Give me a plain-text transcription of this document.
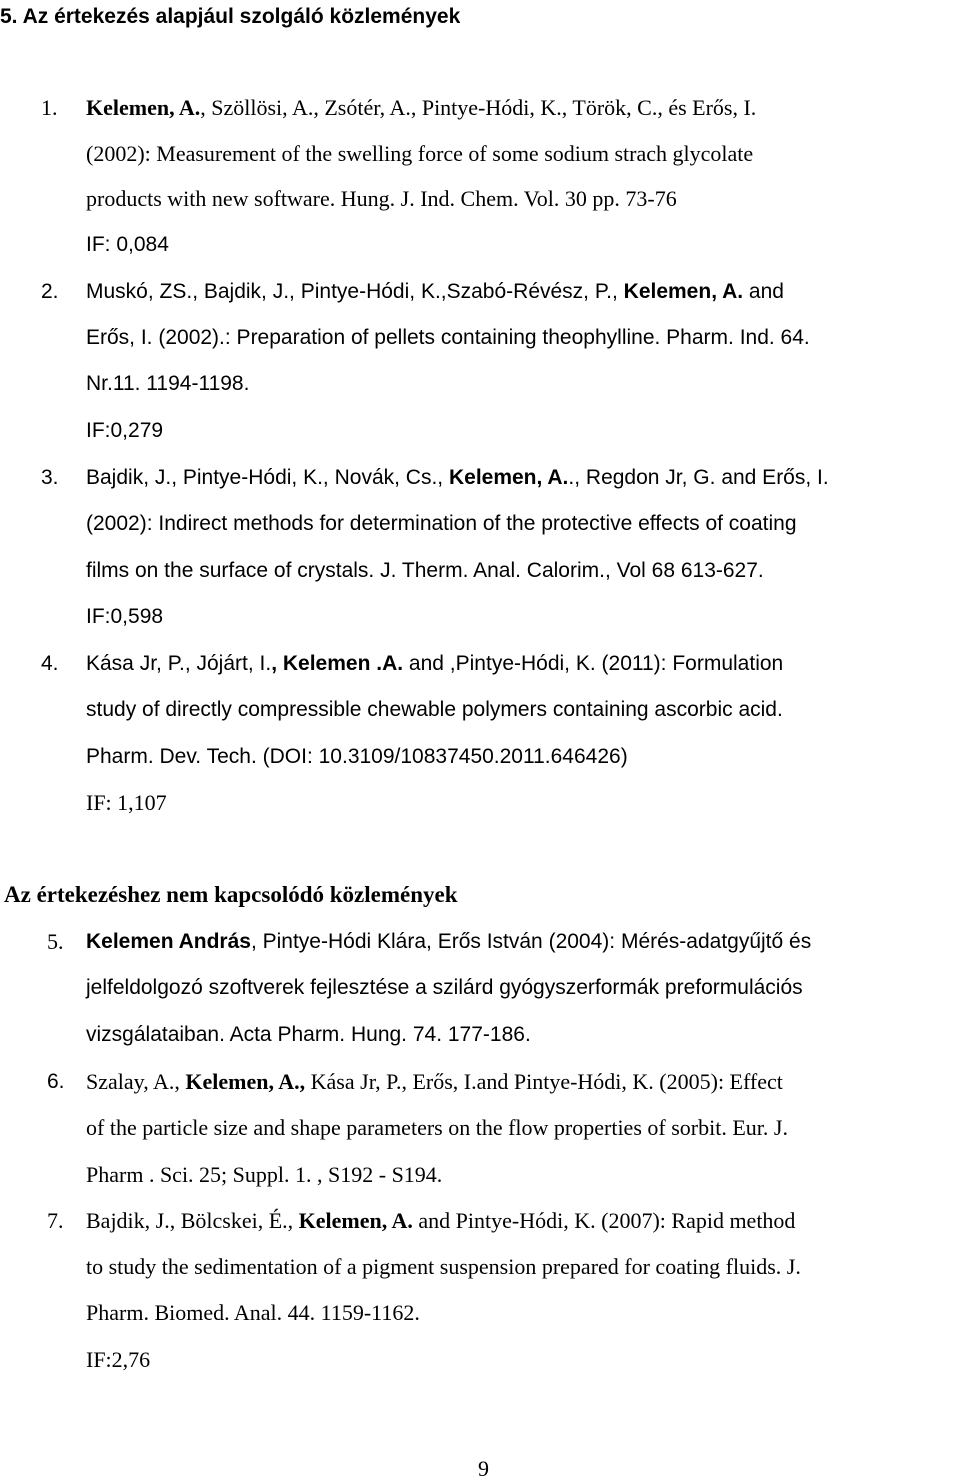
5. Az értekezés alapjául szolgáló közlemények
1. Kelemen, A., Szöllösi, A., Zsótér, A., Pintye-Hódi, K., Török, C., és Erős, I.
(2002): Measurement of the swelling force of some sodium strach glycolate
products with new software. Hung. J. Ind. Chem. Vol. 30 pp. 73-76
IF: 0,084
2. Muskó, ZS., Bajdik, J., Pintye-Hódi, K.,Szabó-Révész, P., Kelemen, A. and
Erős, I. (2002).: Preparation of pellets containing theophylline. Pharm. Ind. 64.
Nr.11. 1194-1198.
IF:0,279
3. Bajdik, J., Pintye-Hódi, K., Novák, Cs., Kelemen, A.., Regdon Jr, G. and Erős, I.
(2002): Indirect methods for determination of the protective effects of coating
films on the surface of crystals. J. Therm. Anal. Calorim., Vol 68 613-627.
IF:0,598
4. Kása Jr, P., Jójárt, I., Kelemen .A. and ,Pintye-Hódi, K. (2011): Formulation
study of directly compressible chewable polymers containing ascorbic acid.
Pharm. Dev. Tech. (DOI: 10.3109/10837450.2011.646426)
IF: 1,107
Az értekezéshez nem kapcsolódó közlemények
5. Kelemen András, Pintye-Hódi Klára, Erős István (2004): Mérés-adatgyűjtő és
jelfeldolgozó szoftverek fejlesztése a szilárd gyógyszerformák preformulációs
vizsgálataiban. Acta Pharm. Hung. 74. 177-186.
6. Szalay, A., Kelemen, A., Kása Jr, P., Erős, I.and Pintye-Hódi, K. (2005): Effect
of the particle size and shape parameters on the flow properties of sorbit. Eur. J.
Pharm . Sci. 25; Suppl. 1. , S192 - S194.
7. Bajdik, J., Bölcskei, É., Kelemen, A. and Pintye-Hódi, K. (2007): Rapid method
to study the sedimentation of a pigment suspension prepared for coating fluids. J.
Pharm. Biomed. Anal. 44. 1159-1162.
IF:2,76
9
